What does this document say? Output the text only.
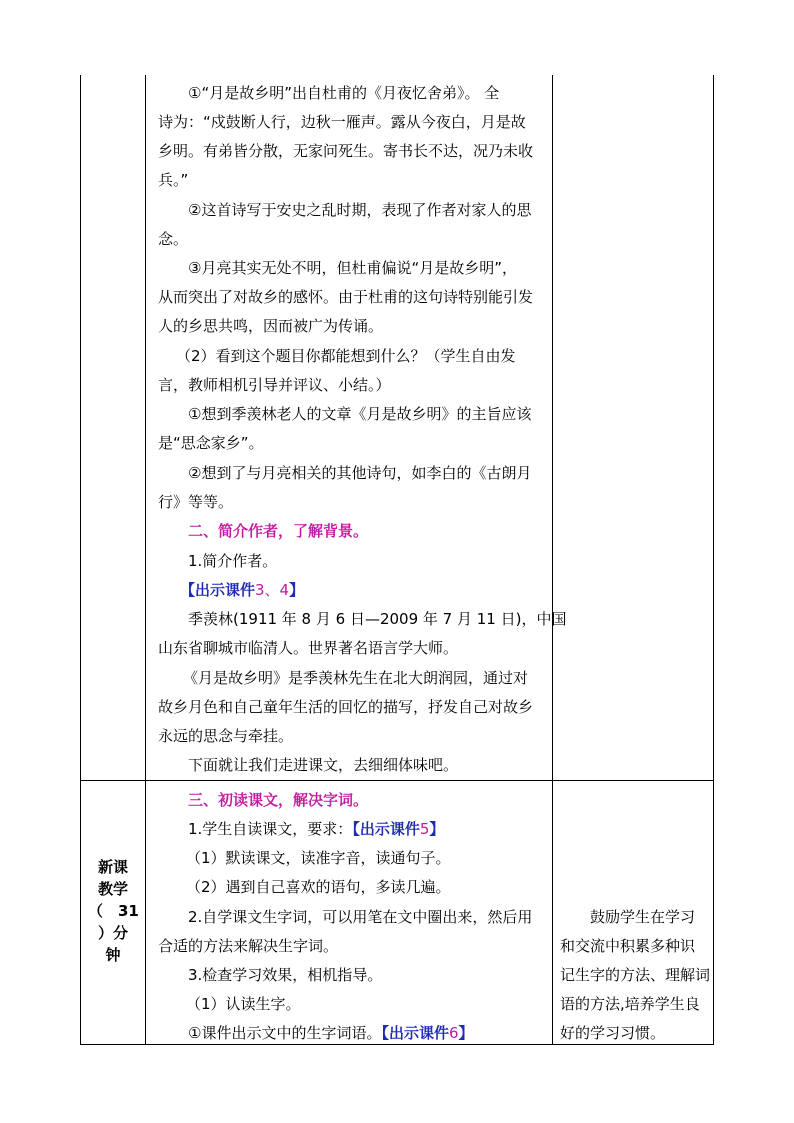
①“月是故乡明”出自杜甫的《月夜忆舍弟》。 全

诗为：“戍鼓断人行，边秋一雁声。露从今夜白，月是故

乡明。有弟皆分散，无家问死生。寄书长不达，况乃未收

兵。”

②这首诗写于安史之乱时期，表现了作者对家人的思

念。

③月亮其实无处不明，但杜甫偏说“月是故乡明”，

从而突出了对故乡的感怀。由于杜甫的这句诗特别能引发

人的乡思共鸣，因而被广为传诵。

（2）看到这个题目你都能想到什么？（学生自由发

言，教师相机引导并评议、小结。）

①想到季羡林老人的文章《月是故乡明》的主旨应该

是“思念家乡”。

②想到了与月亮相关的其他诗句，如李白的《古朗月

行》等等。

二、简介作者，了解背景。

1.简介作者。

【出示课件3、4】

季羡林(1911 年 8 月 6 日—2009 年 7 月 11 日)，中国

山东省聊城市临清人。世界著名语言学大师。

《月是故乡明》是季羡林先生在北大朗润园，通过对

故乡月色和自己童年生活的回忆的描写，抒发自己对故乡

永远的思念与牵挂。

下面就让我们走进课文，去细细体味吧。

新课
教学
（　31
）分
钟

三、初读课文，解决字词。

1.学生自读课文，要求：【出示课件5】

（1）默读课文，读准字音，读通句子。

（2）遇到自己喜欢的语句，多读几遍。

2.自学课文生字词，可以用笔在文中圈出来，然后用

合适的方法来解决生字词。

3.检查学习效果，相机指导。

（1）认读生字。

①课件出示文中的生字词语。【出示课件6】

鼓励学生在学习
和交流中积累多种识
记生字的方法、理解词
语的方法,培养学生良
好的学习习惯。
